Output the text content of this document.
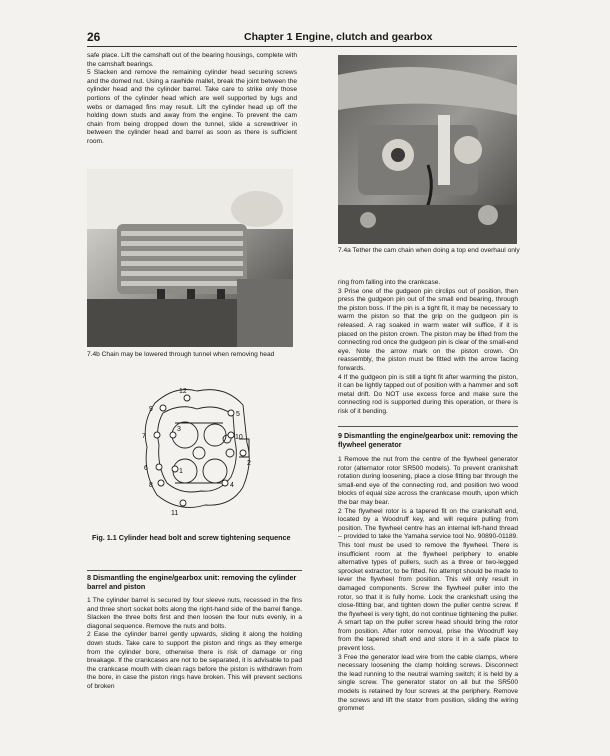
26	Chapter 1 Engine, clutch and gearbox

safe place. Lift the camshaft out of the bearing housings, complete with the camshaft bearings.

5 Slacken and remove the remaining cylinder head securing screws and the domed nut. Using a rawhide mallet, break the joint between the cylinder head and the cylinder barrel. Take care to strike only those portions of the cylinder head which are well supported by lugs and webs or damaged fins may result. Lift the cylinder head up off the holding down studs and away from the engine. To prevent the cam chain from being dropped down the tunnel, slide a screwdriver in between the cylinder head and barrel as soon as there is sufficient room.

7.4b Chain may be lowered through tunnel when removing head
7.4a Tether the cam chain when doing a top end overhaul only
12
9
5
7
3
10
2
6	1
4
8
11
Fig. 1.1 Cylinder head bolt and screw tightening sequence
8 Dismantling the engine/gearbox unit: removing the cylinder barrel and piston

1 The cylinder barrel is secured by four sleeve nuts, recessed in the fins and three short socket bolts along the right-hand side of the barrel flange. Slacken the three bolts first and then loosen the four nuts evenly, in a diagonal sequence. Remove the nuts and bolts.

2 Ease the cylinder barrel gently upwards, sliding it along the holding down studs. Take care to support the piston and rings as they emerge from the cylinder bore, otherwise there is risk of damage or ring breakage. If the crankcases are not to be separated, it is advisable to pad the crankcase mouth with clean rags before the piston is withdrawn from the bore, in case the piston rings have broken. This will prevent sections of broken

ring from falling into the crankcase.

3 Prise one of the gudgeon pin circlips out of position, then press the gudgeon pin out of the small end bearing, through the piston boss. If the pin is a tight fit, it may be necessary to warm the piston so that the grip on the gudgeon pin is released. A rag soaked in warm water will suffice, if it is placed on the piston crown. The piston may be lifted from the connecting rod once the gudgeon pin is clear of the small-end eye. Note the arrow mark on the piston crown. On reassembly, the piston must be fitted with the arrow facing forwards.

4 If the gudgeon pin is still a tight fit after warming the piston, it can be lightly tapped out of position with a hammer and soft metal drift. Do NOT use excess force and make sure the connecting rod is supported during this operation, or there is risk of it bending.

9 Dismantling the engine/gearbox unit: removing the flywheel generator

1 Remove the nut from the centre of the flywheel generator rotor (alternator rotor SR500 models). To prevent crankshaft rotation during loosening, place a close fitting bar through the small-end eye of the connecting rod, and position two wood blocks of equal size across the crankcase mouth, upon which the bar may bear.

2 The flywheel rotor is a tapered fit on the crankshaft end, located by a Woodruff key, and will require pulling from position. The flywheel centre has an internal left-hand thread – provided to take the Yamaha service tool No. 90890-01189. This tool must be used to remove the flywheel. There is insufficient room at the flywheel periphery to enable alternative types of pullers, such as a three or two-legged sprocket extractor, to be fitted. No attempt should be made to lever the flywheel from position. This will only result in damaged components. Screw the flywheel puller into the rotor, so that it is fully home. Lock the crankshaft using the close-fitting bar, and tighten down the puller centre screw. If the flywheel is very tight, do not continue tightening the puller. A smart tap on the puller screw head should bring the rotor from position. After rotor removal, prise the Woodruff key from the tapered shaft end and store it in a safe place to prevent loss.

3 Free the generator lead wire from the cable clamps, where necessary loosening the clamp holding screws. Disconnect the lead running to the neutral warning switch; it is held by a single screw. The generator stator on all but the SR500 models is retained by four screws at the periphery. Remove the screws and lift the stator from position, sliding the wiring grommet
